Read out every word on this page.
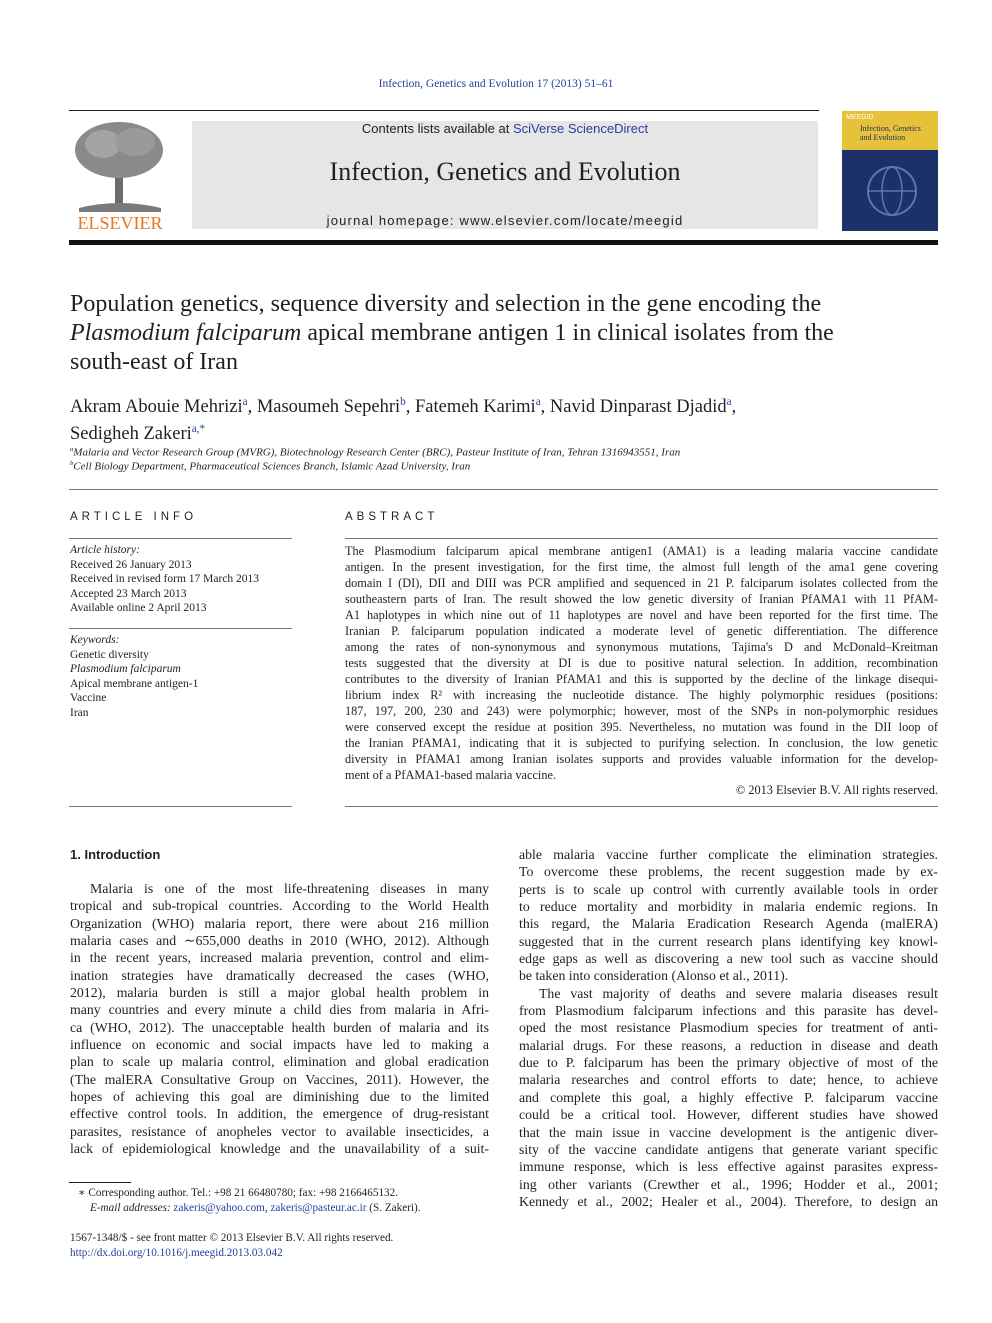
Infection, Genetics and Evolution 17 (2013) 51–61
ELSEVIER
Contents lists available at SciVerse ScienceDirect
Infection, Genetics and Evolution
journal homepage: www.elsevier.com/locate/meegid
MEEGID
Infection, Genetics and Evolution
Population genetics, sequence diversity and selection in the gene encoding the
Plasmodium falciparum apical membrane antigen 1 in clinical isolates from the
south-east of Iran
Akram Abouie Mehrizi$^a$, Masoumeh Sepehri$^b$, Fatemeh Karimi$^a$, Navid Dinparast Djadid$^a$,
Sedigheh Zakeri$^{a,*}$
$^a$Malaria and Vector Research Group (MVRG), Biotechnology Research Center (BRC), Pasteur Institute of Iran, Tehran 1316943551, Iran
$^b$Cell Biology Department, Pharmaceutical Sciences Branch, Islamic Azad University, Iran
ARTICLE INFO
Article history:
Received 26 January 2013
Received in revised form 17 March 2013
Accepted 23 March 2013
Available online 2 April 2013
Keywords:
Genetic diversity
Plasmodium falciparum
Apical membrane antigen-1
Vaccine
Iran
ABSTRACT
The Plasmodium falciparum apical membrane antigen1 (AMA1) is a leading malaria vaccine candidate
antigen. In the present investigation, for the first time, the almost full length of the ama1 gene covering
domain I (DI), DII and DIII was PCR amplified and sequenced in 21 P. falciparum isolates collected from the
southeastern parts of Iran. The result showed the low genetic diversity of Iranian PfAMA1 with 11 PfAM-
A1 haplotypes in which nine out of 11 haplotypes are novel and have been reported for the first time. The
Iranian P. falciparum population indicated a moderate level of genetic differentiation. The difference
among the rates of non-synonymous and synonymous mutations, Tajima's D and McDonald–Kreitman
tests suggested that the diversity at DI is due to positive natural selection. In addition, recombination
contributes to the diversity of Iranian PfAMA1 and this is supported by the decline of the linkage disequi-
librium index R² with increasing the nucleotide distance. The highly polymorphic residues (positions:
187, 197, 200, 230 and 243) were polymorphic; however, most of the SNPs in non-polymorphic residues
were conserved except the residue at position 395. Nevertheless, no mutation was found in the DII loop of
the Iranian PfAMA1, indicating that it is subjected to purifying selection. In conclusion, the low genetic
diversity in PfAMA1 among Iranian isolates supports and provides valuable information for the develop-
ment of a PfAMA1-based malaria vaccine.
© 2013 Elsevier B.V. All rights reserved.
1. Introduction
Malaria is one of the most life-threatening diseases in many
tropical and sub-tropical countries. According to the World Health
Organization (WHO) malaria report, there were about 216 million
malaria cases and ∼655,000 deaths in 2010 (WHO, 2012). Although
in the recent years, increased malaria prevention, control and elim-
ination strategies have dramatically decreased the cases (WHO,
2012), malaria burden is still a major global health problem in
many countries and every minute a child dies from malaria in Afri-
ca (WHO, 2012). The unacceptable health burden of malaria and its
influence on economic and social impacts have led to making a
plan to scale up malaria control, elimination and global eradication
(The malERA Consultative Group on Vaccines, 2011). However, the
hopes of achieving this goal are diminishing due to the limited
effective control tools. In addition, the emergence of drug-resistant
parasites, resistance of anopheles vector to available insecticides, a
lack of epidemiological knowledge and the unavailability of a suit-
able malaria vaccine further complicate the elimination strategies.
To overcome these problems, the recent suggestion made by ex-
perts is to scale up control with currently available tools in order
to reduce mortality and morbidity in malaria endemic regions. In
this regard, the Malaria Eradication Research Agenda (malERA)
suggested that in the current research plans identifying key knowl-
edge gaps as well as discovering a new tool such as vaccine should
be taken into consideration (Alonso et al., 2011).
The vast majority of deaths and severe malaria diseases result
from Plasmodium falciparum infections and this parasite has devel-
oped the most resistance Plasmodium species for treatment of anti-
malarial drugs. For these reasons, a reduction in disease and death
due to P. falciparum has been the primary objective of most of the
malaria researches and control efforts to date; hence, to achieve
and complete this goal, a highly effective P. falciparum vaccine
could be a critical tool. However, different studies have showed
that the main issue in vaccine development is the antigenic diver-
sity of the vaccine candidate antigens that generate variant specific
immune response, which is less effective against parasites express-
ing other variants (Crewther et al., 1996; Hodder et al., 2001;
Kennedy et al., 2002; Healer et al., 2004). Therefore, to design an
∗ Corresponding author. Tel.: +98 21 66480780; fax: +98 2166465132.
E-mail addresses: zakeris@yahoo.com, zakeris@pasteur.ac.ir (S. Zakeri).
1567-1348/$ - see front matter © 2013 Elsevier B.V. All rights reserved.
http://dx.doi.org/10.1016/j.meegid.2013.03.042
